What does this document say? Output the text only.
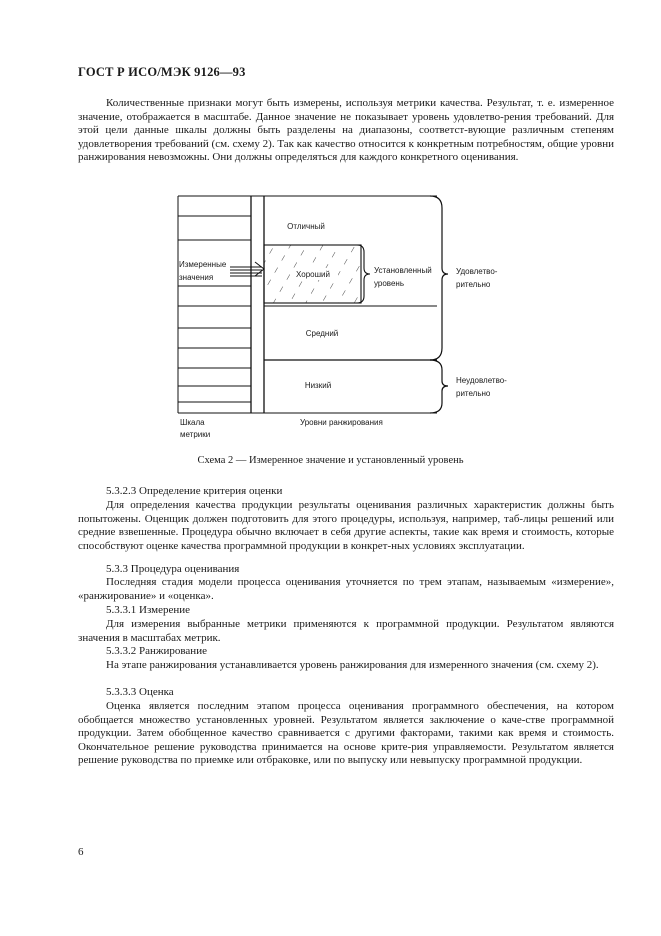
ГОСТ Р ИСО/МЭК 9126—93

Количественные признаки могут быть измерены, используя метрики качества. Результат, т. е. измеренное значение, отображается в масштабе. Данное значение не показывает уровень удовлетво-рения требований. Для этой цели данные шкалы должны быть разделены на диапазоны, соответст-вующие различным степеням удовлетворения требований (см. схему 2). Так как качество относится к конкретным потребностям, общие уровни ранжирования невозможны. Они должны определяться для каждого конкретного оценивания.

Отличный
Хороший
Средний
Низкий
Измеренные
значения
Установленный
уровень
Удовлетво-
рительно
Неудовлетво-
рительно
Шкала
метрики
Уровни ранжирования
Схема 2 — Измеренное значение и установленный уровень

5.3.2.3 Определение критерия оценки

Для определения качества продукции результаты оценивания различных характеристик должны быть попытожены. Оценщик должен подготовить для этого процедуры, используя, например, таб-лицы решений или средние взвешенные. Процедура обычно включает в себя другие аспекты, такие как время и стоимость, которые способствуют оценке качества программной продукции в конкрет-ных условиях эксплуатации.

5.3.3 Процедура оценивания

Последняя стадия модели процесса оценивания уточняется по трем этапам, называемым «измерение», «ранжирование» и «оценка».

5.3.3.1 Измерение

Для измерения выбранные метрики применяются к программной продукции. Результатом являются значения в масштабах метрик.

5.3.3.2 Ранжирование

На этапе ранжирования устанавливается уровень ранжирования для измеренного значения (см. схему 2).

5.3.3.3 Оценка

Оценка является последним этапом процесса оценивания программного обеспечения, на котором обобщается множество установленных уровней. Результатом является заключение о каче-стве программной продукции. Затем обобщенное качество сравнивается с другими факторами, такими как время и стоимость. Окончательное решение руководства принимается на основе крите-рия управляемости. Результатом является решение руководства по приемке или отбраковке, или по выпуску или невыпуску программной продукции.

6
